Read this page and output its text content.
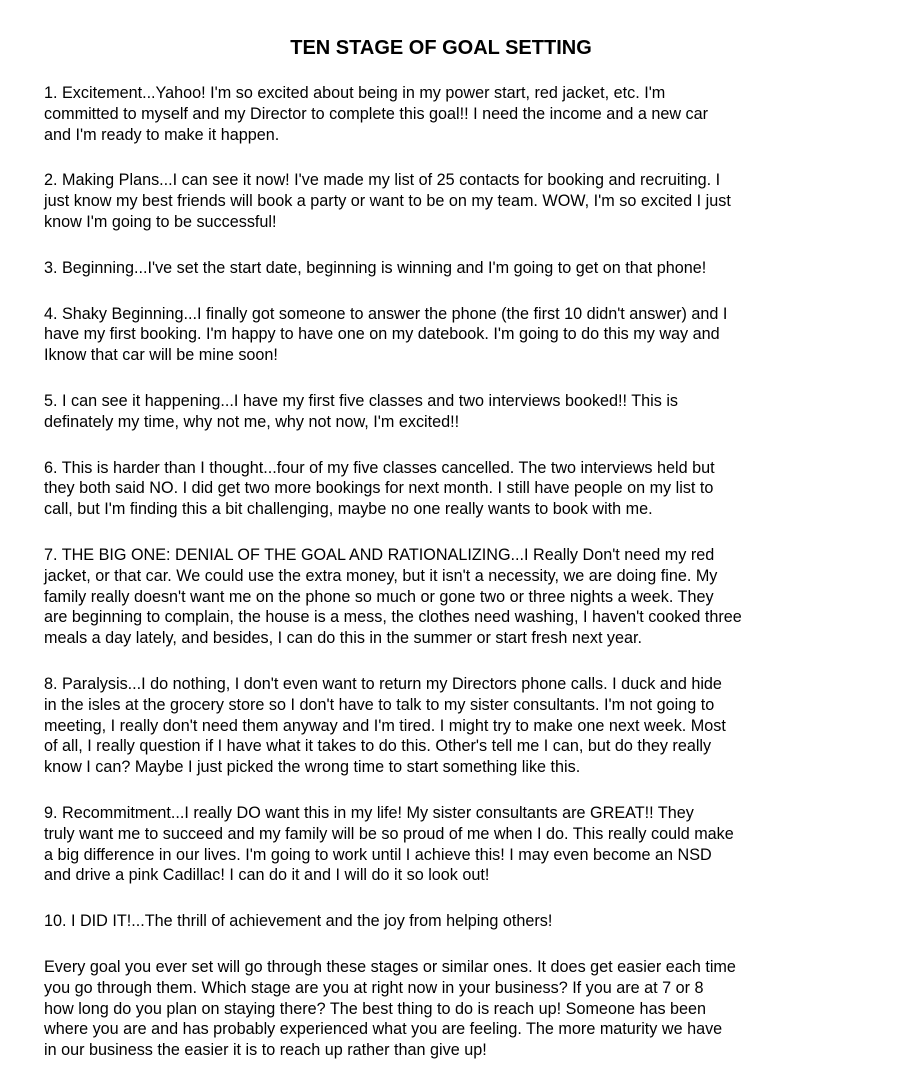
TEN STAGE OF GOAL SETTING
1. Excitement...Yahoo! I'm so excited about being in my power start, red jacket, etc. I'm
committed to myself and my Director to complete this goal!! I need the income and a new car
and I'm ready to make it happen.
2. Making Plans...I can see it now! I've made my list of 25 contacts for booking and recruiting. I
just know my best friends will book a party or want to be on my team. WOW, I'm so excited I just
know I'm going to be successful!
3. Beginning...I've set the start date, beginning is winning and I'm going to get on that phone!
4. Shaky Beginning...I finally got someone to answer the phone (the first 10 didn't answer) and I
have my first booking. I'm happy to have one on my datebook. I'm going to do this my way and
Iknow that car will be mine soon!
5. I can see it happening...I have my first five classes and two interviews booked!! This is
definately my time, why not me, why not now, I'm excited!!
6. This is harder than I thought...four of my five classes cancelled. The two interviews held but
they both said NO. I did get two more bookings for next month. I still have people on my list to
call, but I'm finding this a bit challenging, maybe no one really wants to book with me.
7. THE BIG ONE: DENIAL OF THE GOAL AND RATIONALIZING...I Really Don't need my red
jacket, or that car. We could use the extra money, but it isn't a necessity, we are doing fine. My
family really doesn't want me on the phone so much or gone two or three nights a week. They
are beginning to complain, the house is a mess, the clothes need washing, I haven't cooked three
meals a day lately, and besides, I can do this in the summer or start fresh next year.
8. Paralysis...I do nothing, I don't even want to return my Directors phone calls. I duck and hide
in the isles at the grocery store so I don't have to talk to my sister consultants. I'm not going to
meeting, I really don't need them anyway and I'm tired. I might try to make one next week. Most
of all, I really question if I have what it takes to do this. Other's tell me I can, but do they really
know I can? Maybe I just picked the wrong time to start something like this.
9. Recommitment...I really DO want this in my life! My sister consultants are GREAT!! They
truly want me to succeed and my family will be so proud of me when I do. This really could make
a big difference in our lives. I'm going to work until I achieve this! I may even become an NSD
and drive a pink Cadillac! I can do it and I will do it so look out!
10. I DID IT!...The thrill of achievement and the joy from helping others!
Every goal you ever set will go through these stages or similar ones. It does get easier each time
you go through them. Which stage are you at right now in your business? If you are at 7 or 8
how long do you plan on staying there? The best thing to do is reach up! Someone has been
where you are and has probably experienced what you are feeling. The more maturity we have
in our business the easier it is to reach up rather than give up!
